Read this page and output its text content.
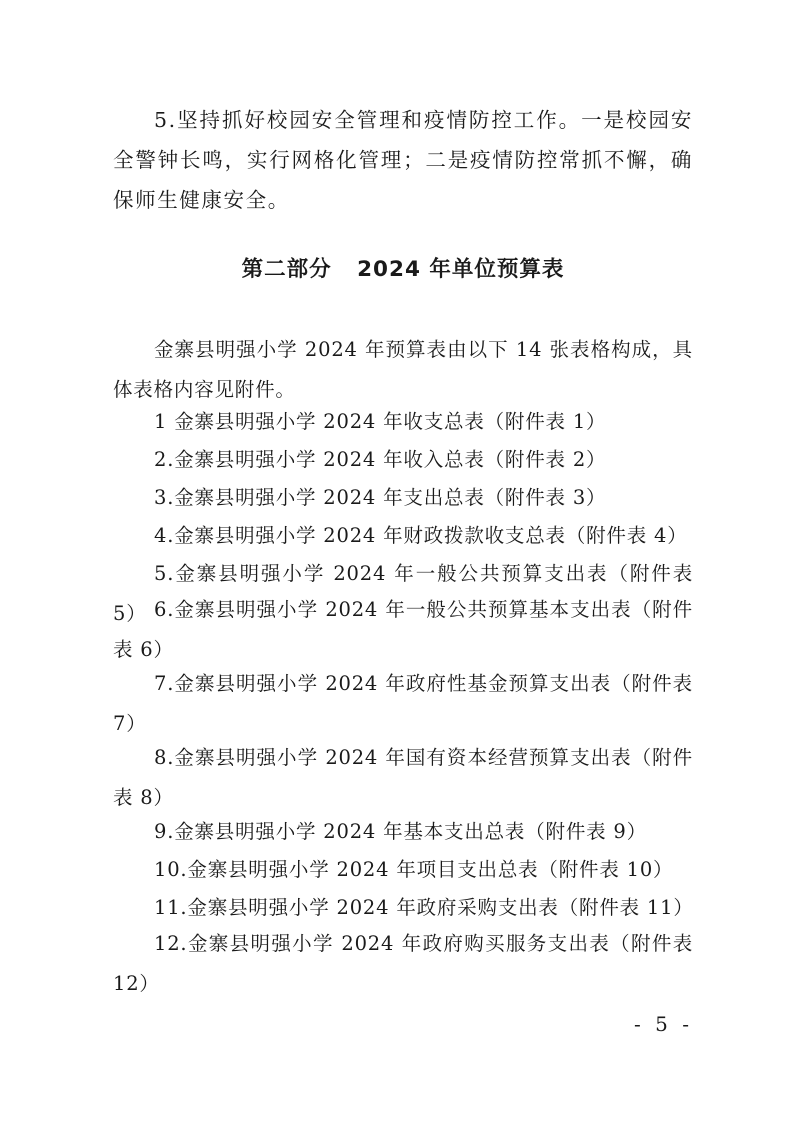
5.坚持抓好校园安全管理和疫情防控工作。一是校园安全警钟长鸣，实行网格化管理；二是疫情防控常抓不懈，确保师生健康安全。

第二部分   2024 年单位预算表

金寨县明强小学 2024 年预算表由以下 14 张表格构成，具体表格内容见附件。

1 金寨县明强小学 2024 年收支总表（附件表 1）

2.金寨县明强小学 2024 年收入总表（附件表 2）

3.金寨县明强小学 2024 年支出总表（附件表 3）

4.金寨县明强小学 2024 年财政拨款收支总表（附件表 4）

5.金寨县明强小学 2024 年一般公共预算支出表（附件表 5） 6.金寨县明强小学 2024 年一般公共预算基本支出表（附件表 6）

7.金寨县明强小学 2024 年政府性基金预算支出表（附件表 7）

8.金寨县明强小学 2024 年国有资本经营预算支出表（附件表 8）

9.金寨县明强小学 2024 年基本支出总表（附件表 9）

10.金寨县明强小学 2024 年项目支出总表（附件表 10）

11.金寨县明强小学 2024 年政府采购支出表（附件表 11）

12.金寨县明强小学 2024 年政府购买服务支出表（附件表 12）

- 5 -
